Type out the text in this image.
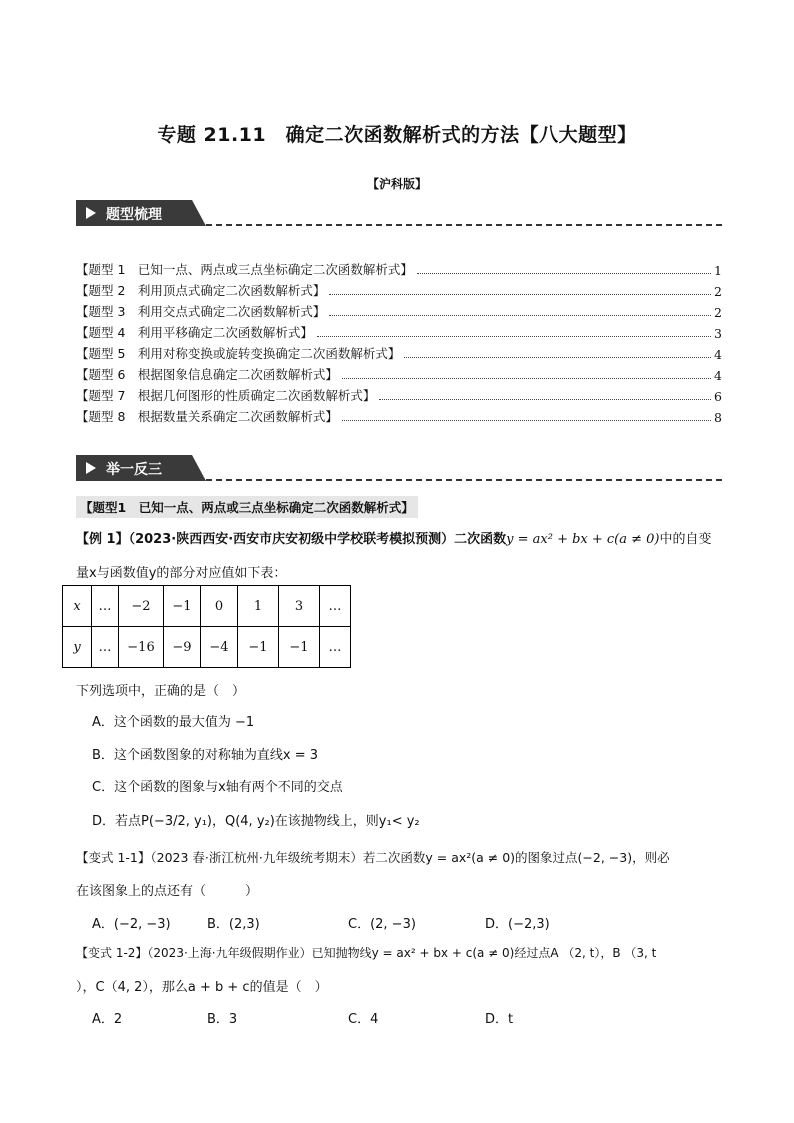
专题 21.11　确定二次函数解析式的方法【八大题型】
【沪科版】
题型梳理
【题型 1　已知一点、两点或三点坐标确定二次函数解析式】	1
【题型 2　利用顶点式确定二次函数解析式】	2
【题型 3　利用交点式确定二次函数解析式】	2
【题型 4　利用平移确定二次函数解析式】	3
【题型 5　利用对称变换或旋转变换确定二次函数解析式】	4
【题型 6　根据图象信息确定二次函数解析式】	4
【题型 7　根据几何图形的性质确定二次函数解析式】	6
【题型 8　根据数量关系确定二次函数解析式】	8
举一反三
【题型1　已知一点、两点或三点坐标确定二次函数解析式】
【例 1】（2023·陕西西安·西安市庆安初级中学校联考模拟预测）二次函数y = ax² + bx + c(a ≠ 0)中的自变
量x与函数值y的部分对应值如下表：
x	…	−2	−1	0	1	3	…
y	…	−16	−9	−4	−1	−1	…
下列选项中，正确的是（　）
A．这个函数的最大值为 −1
B．这个函数图象的对称轴为直线x = 3
C．这个函数的图象与x轴有两个不同的交点
D．若点P(−3/2, y₁)，Q(4, y₂)在该抛物线上，则y₁< y₂
【变式 1-1】（2023 春·浙江杭州·九年级统考期末）若二次函数y = ax²(a ≠ 0)的图象过点(−2, −3)，则必
在该图象上的点还有（　　　）
A．(−2, −3)	B．(2,3)	C．(2, −3)	D．(−2,3)
【变式 1-2】（2023·上海·九年级假期作业）已知抛物线y = ax² + bx + c(a ≠ 0)经过点A （2, t），B （3, t
），C（4, 2），那么a + b + c的值是（　）
A．2	B．3	C．4	D．t
